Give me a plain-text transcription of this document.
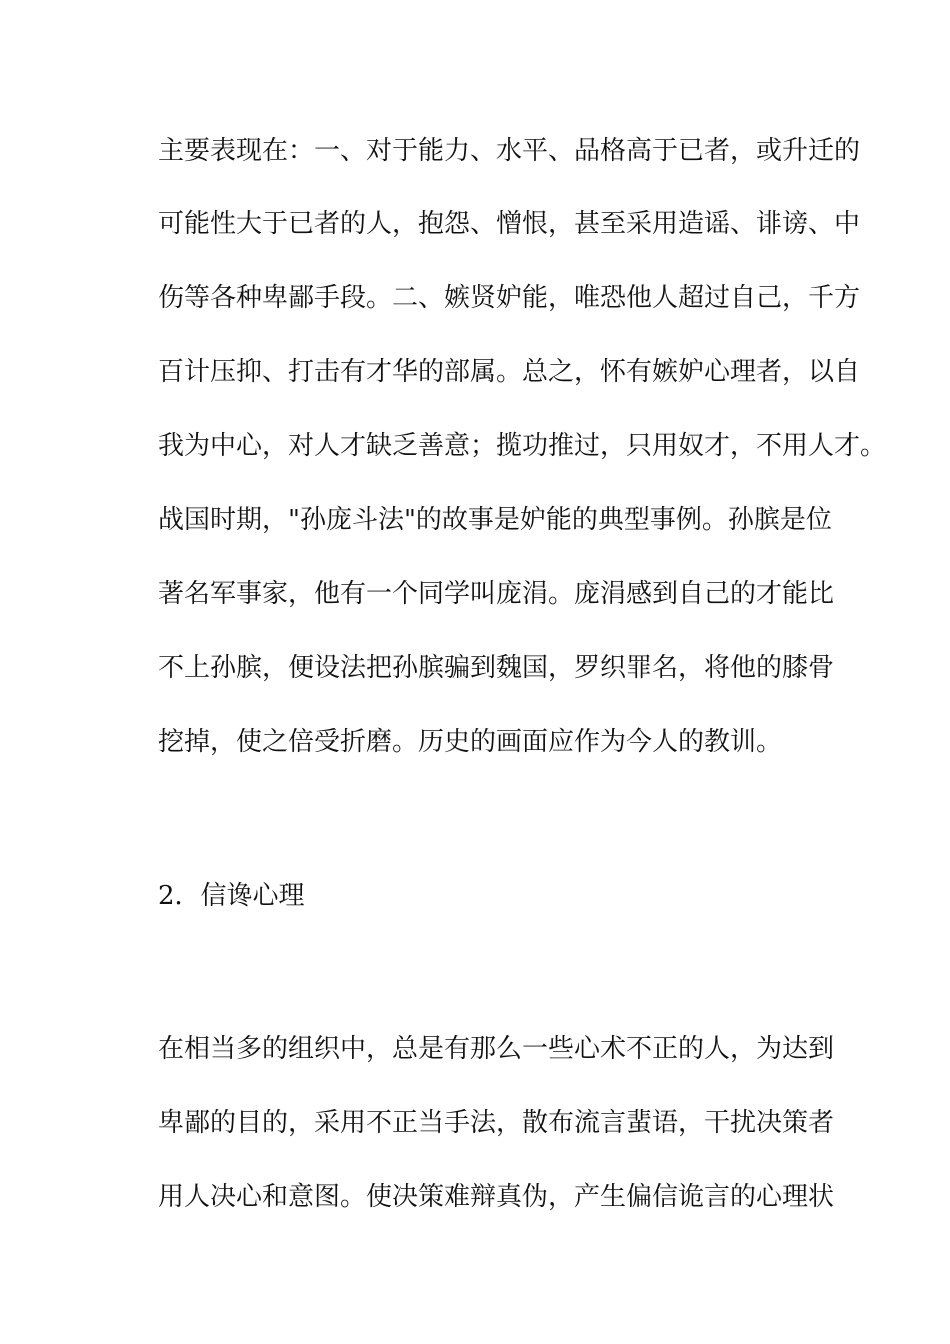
主要表现在：一、对于能力、水平、品格高于已者，或升迁的
可能性大于已者的人，抱怨、憎恨，甚至采用造谣、诽谤、中
伤等各种卑鄙手段。二、嫉贤妒能，唯恐他人超过自己，千方
百计压抑、打击有才华的部属。总之，怀有嫉妒心理者，以自
我为中心，对人才缺乏善意；揽功推过，只用奴才，不用人才。
战国时期，"孙庞斗法"的故事是妒能的典型事例。孙膑是位
著名军事家，他有一个同学叫庞涓。庞涓感到自己的才能比
不上孙膑，便设法把孙膑骗到魏国，罗织罪名，将他的膝骨
挖掉，使之倍受折磨。历史的画面应作为今人的教训。
2．信谗心理
在相当多的组织中，总是有那么一些心术不正的人，为达到
卑鄙的目的，采用不正当手法，散布流言蜚语，干扰决策者
用人决心和意图。使决策难辩真伪，产生偏信诡言的心理状
